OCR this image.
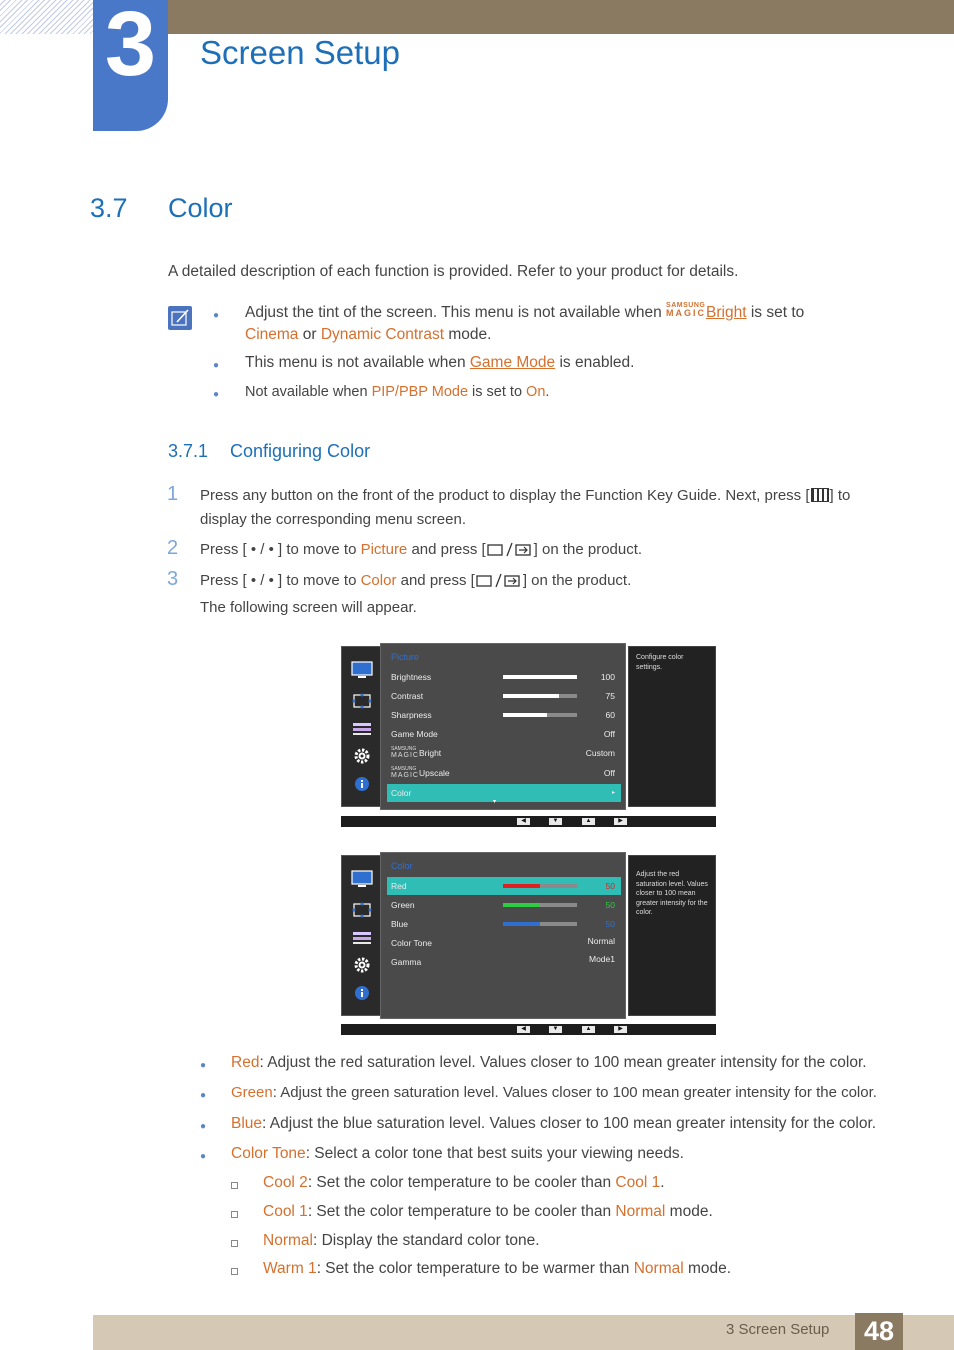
3	Screen Setup
3.7 Color
A detailed description of each function is provided. Refer to your product for details.
● Adjust the tint of the screen. This menu is not available when SAMSUNG
MAGIC Bright is set to
Cinema or Dynamic Contrast mode.
● This menu is not available when Game Mode is enabled.
● Not available when PIP/PBP Mode is set to On.
3.7.1 Configuring Color
1 Press any button on the front of the product to display the Function Key Guide. Next, press [ ] to
display the corresponding menu screen.
2 Press [ • / • ] to move to Picture and press [	] on the product.
3 Press [ • / • ] to move to Color and press [	] on the product.
The following screen will appear.
Picture
Brightness	100
Contrast	75
Sharpness	60
Game Mode	Off
SAMSUNG
MAGIC Bright	Custom
SAMSUNG
MAGIC Upscale	Off
Color	▸
▾
Configure color settings.
◀	▼	▲	▶
Color
Red	50
Green	50
Blue	50
Color Tone	Normal
Gamma	Mode1
Adjust the red saturation level. Values closer to 100 mean greater intensity for the color.
◀	▼	▲	▶
● Red: Adjust the red saturation level. Values closer to 100 mean greater intensity for the color.
● Green: Adjust the green saturation level. Values closer to 100 mean greater intensity for the color.
● Blue: Adjust the blue saturation level. Values closer to 100 mean greater intensity for the color.
● Color Tone: Select a color tone that best suits your viewing needs.
Cool 2: Set the color temperature to be cooler than Cool 1.
Cool 1: Set the color temperature to be cooler than Normal mode.
Normal: Display the standard color tone.
Warm 1: Set the color temperature to be warmer than Normal mode.
3 Screen Setup	48
